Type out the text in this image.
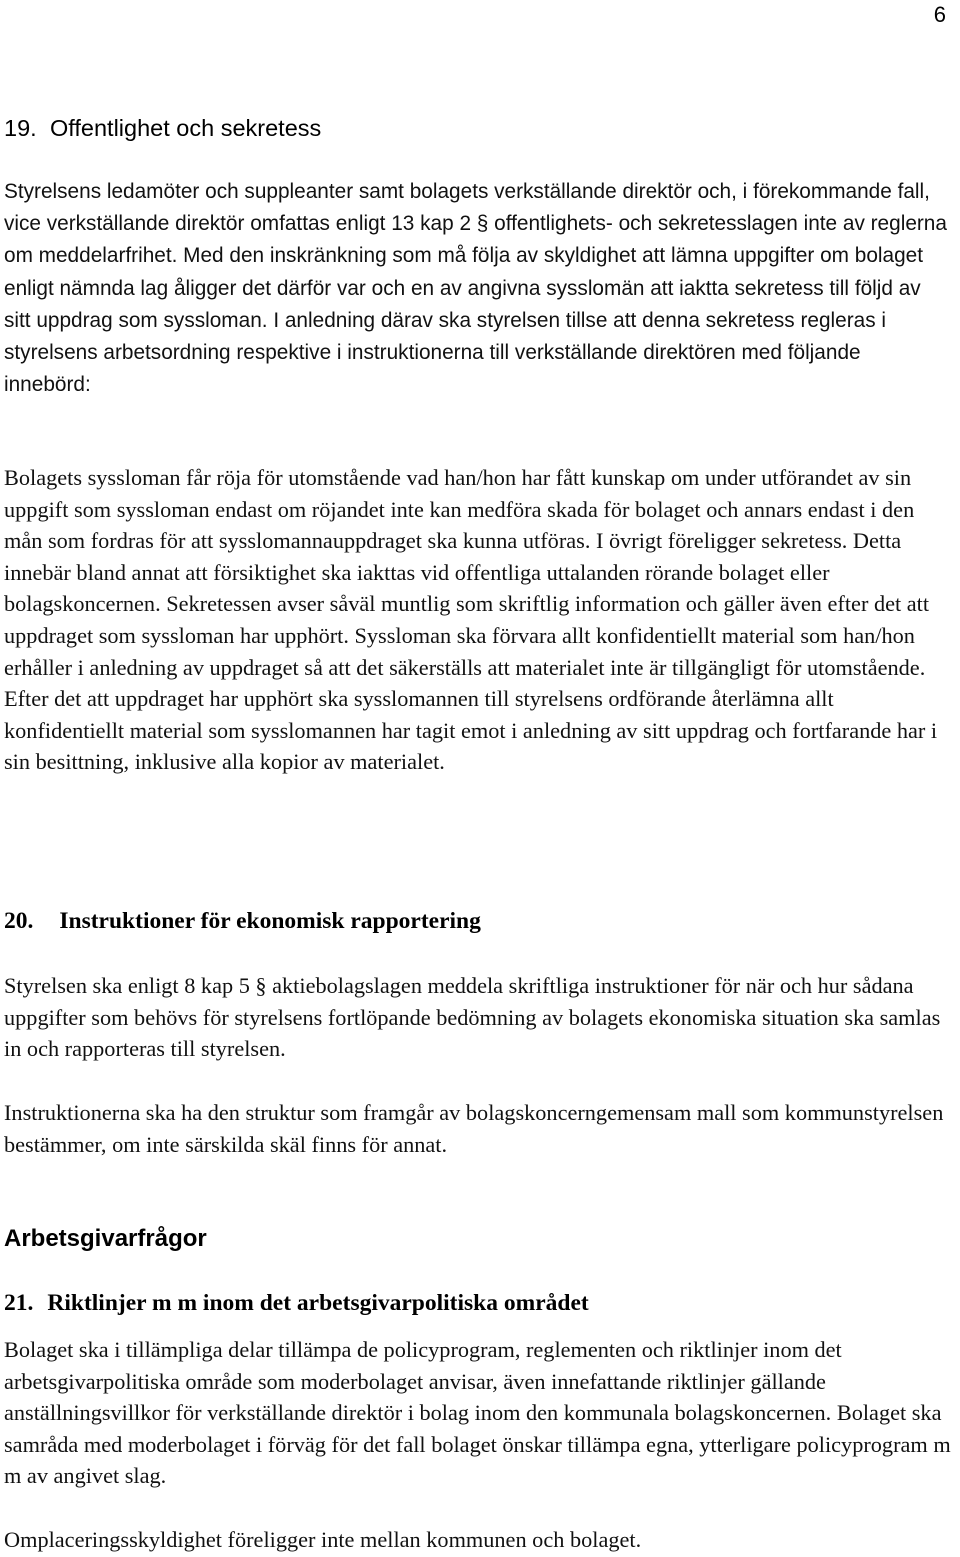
6

19. Offentlighet och sekretess

Styrelsens ledamöter och suppleanter samt bolagets verkställande direktör och, i förekommande fall, vice verkställande direktör omfattas enligt 13 kap 2 § offentlighets- och sekretesslagen inte av reglerna om meddelarfrihet. Med den inskränkning som må följa av skyldighet att lämna uppgifter om bolaget enligt nämnda lag åligger det därför var och en av angivna sysslomän att iaktta sekretess till följd av sitt uppdrag som syssloman. I anledning därav ska styrelsen tillse att denna sekretess regleras i styrelsens arbetsordning respektive i instruktionerna till verkställande direktören med följande innebörd:

Bolagets syssloman får röja för utomstående vad han/hon har fått kunskap om under utförandet av sin uppgift som syssloman endast om röjandet inte kan medföra skada för bolaget och annars endast i den mån som fordras för att sysslomannauppdraget ska kunna utföras. I övrigt föreligger sekretess. Detta innebär bland annat att försiktighet ska iakttas vid offentliga uttalanden rörande bolaget eller bolagskoncernen. Sekretessen avser såväl muntlig som skriftlig information och gäller även efter det att uppdraget som syssloman har upphört. Syssloman ska förvara allt konfidentiellt material som han/hon erhåller i anledning av uppdraget så att det säkerställs att materialet inte är tillgängligt för utomstående. Efter det att uppdraget har upphört ska sysslomannen till styrelsens ordförande återlämna allt konfidentiellt material som sysslomannen har tagit emot i anledning av sitt uppdrag och fortfarande har i sin besittning, inklusive alla kopior av materialet.

20. Instruktioner för ekonomisk rapportering

Styrelsen ska enligt 8 kap 5 § aktiebolagslagen meddela skriftliga instruktioner för när och hur sådana uppgifter som behövs för styrelsens fortlöpande bedömning av bolagets ekonomiska situation ska samlas in och rapporteras till styrelsen.

Instruktionerna ska ha den struktur som framgår av bolagskoncerngemensam mall som kommunstyrelsen bestämmer, om inte särskilda skäl finns för annat.

Arbetsgivarfrågor
21. Riktlinjer m m inom det arbetsgivarpolitiska området

Bolaget ska i tillämpliga delar tillämpa de policyprogram, reglementen och riktlinjer inom det arbetsgivarpolitiska område som moderbolaget anvisar, även innefattande riktlinjer gällande anställningsvillkor för verkställande direktör i bolag inom den kommunala bolagskoncernen. Bolaget ska samråda med moderbolaget i förväg för det fall bolaget önskar tillämpa egna, ytterligare policyprogram m m av angivet slag.

Omplaceringsskyldighet föreligger inte mellan kommunen och bolaget.
